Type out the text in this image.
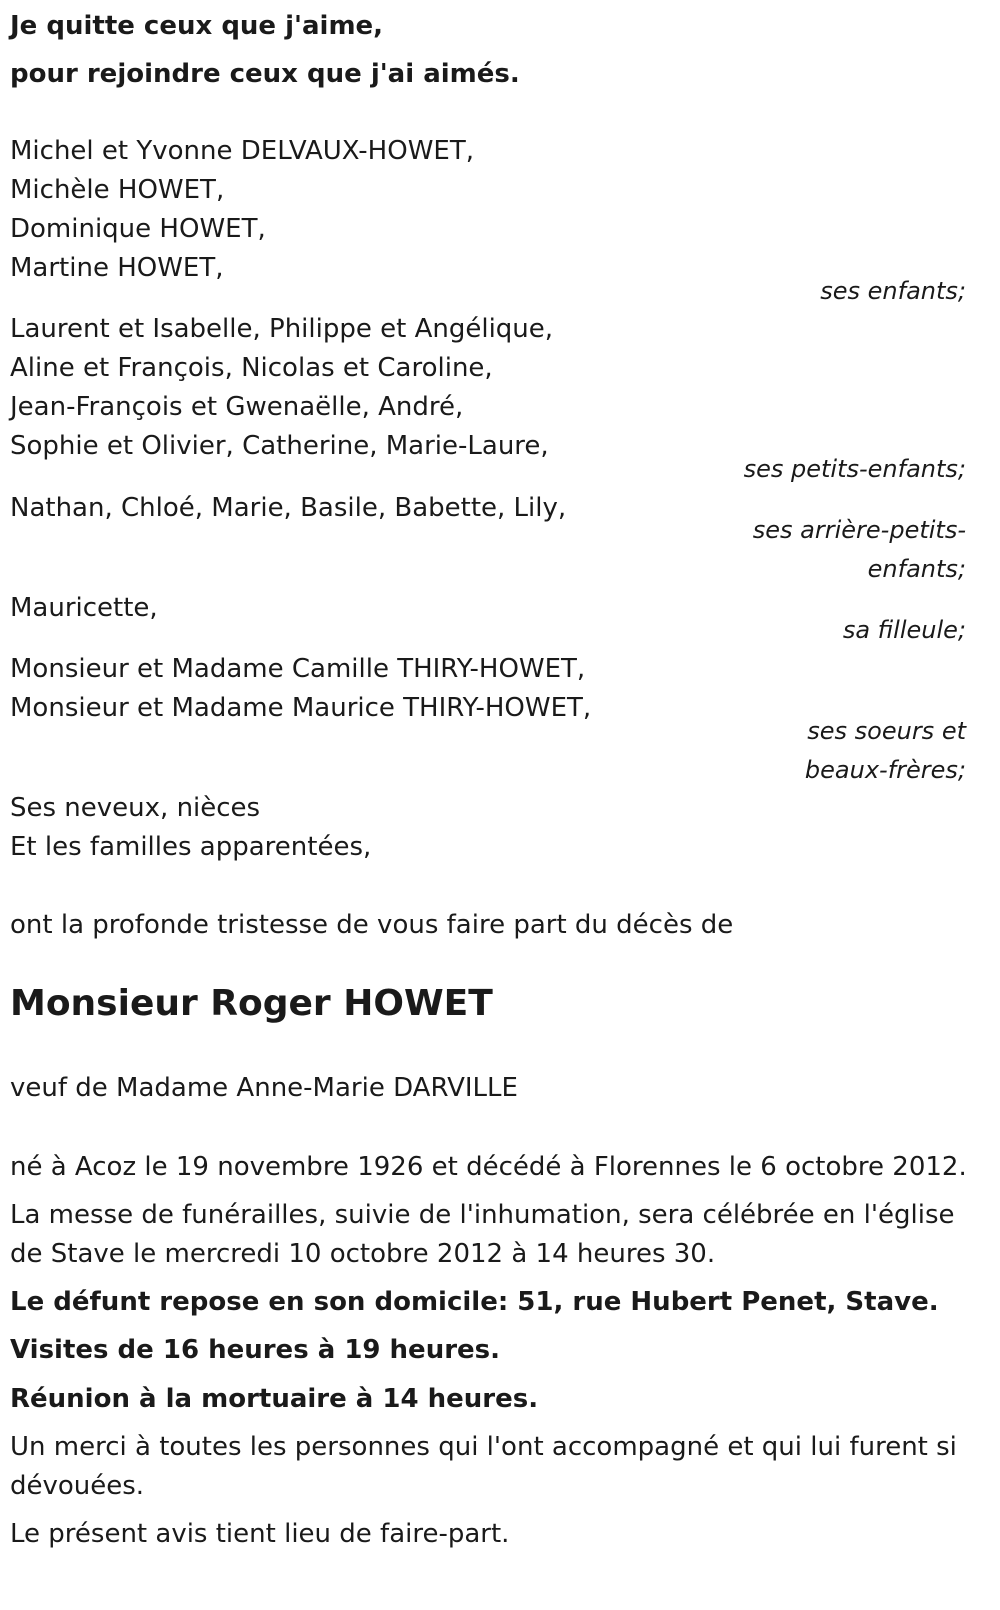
Je quitte ceux que j'aime,
pour rejoindre ceux que j'ai aimés.
Michel et Yvonne DELVAUX-HOWET,
Michèle HOWET,
Dominique HOWET,
Martine HOWET,
ses enfants;
Laurent et Isabelle, Philippe et Angélique,
Aline et François, Nicolas et Caroline,
Jean-François et Gwenaëlle, André,
Sophie et Olivier, Catherine, Marie-Laure,
ses petits-enfants;
Nathan, Chloé, Marie, Basile, Babette, Lily,
ses arrière-petits-
enfants;
Mauricette,
sa filleule;
Monsieur et Madame Camille THIRY-HOWET,
Monsieur et Madame Maurice THIRY-HOWET,
ses soeurs et
beaux-frères;
Ses neveux, nièces
Et les familles apparentées,
ont la profonde tristesse de vous faire part du décès de
Monsieur Roger HOWET
veuf de Madame Anne-Marie DARVILLE
né à Acoz le 19 novembre 1926 et décédé à Florennes le 6 octobre 2012.
La messe de funérailles, suivie de l'inhumation, sera célébrée en l'église de Stave le mercredi 10 octobre 2012 à 14 heures 30.
Le défunt repose en son domicile: 51, rue Hubert Penet, Stave.
Visites de 16 heures à 19 heures.
Réunion à la mortuaire à 14 heures.
Un merci à toutes les personnes qui l'ont accompagné et qui lui furent si dévouées.
Le présent avis tient lieu de faire-part.
